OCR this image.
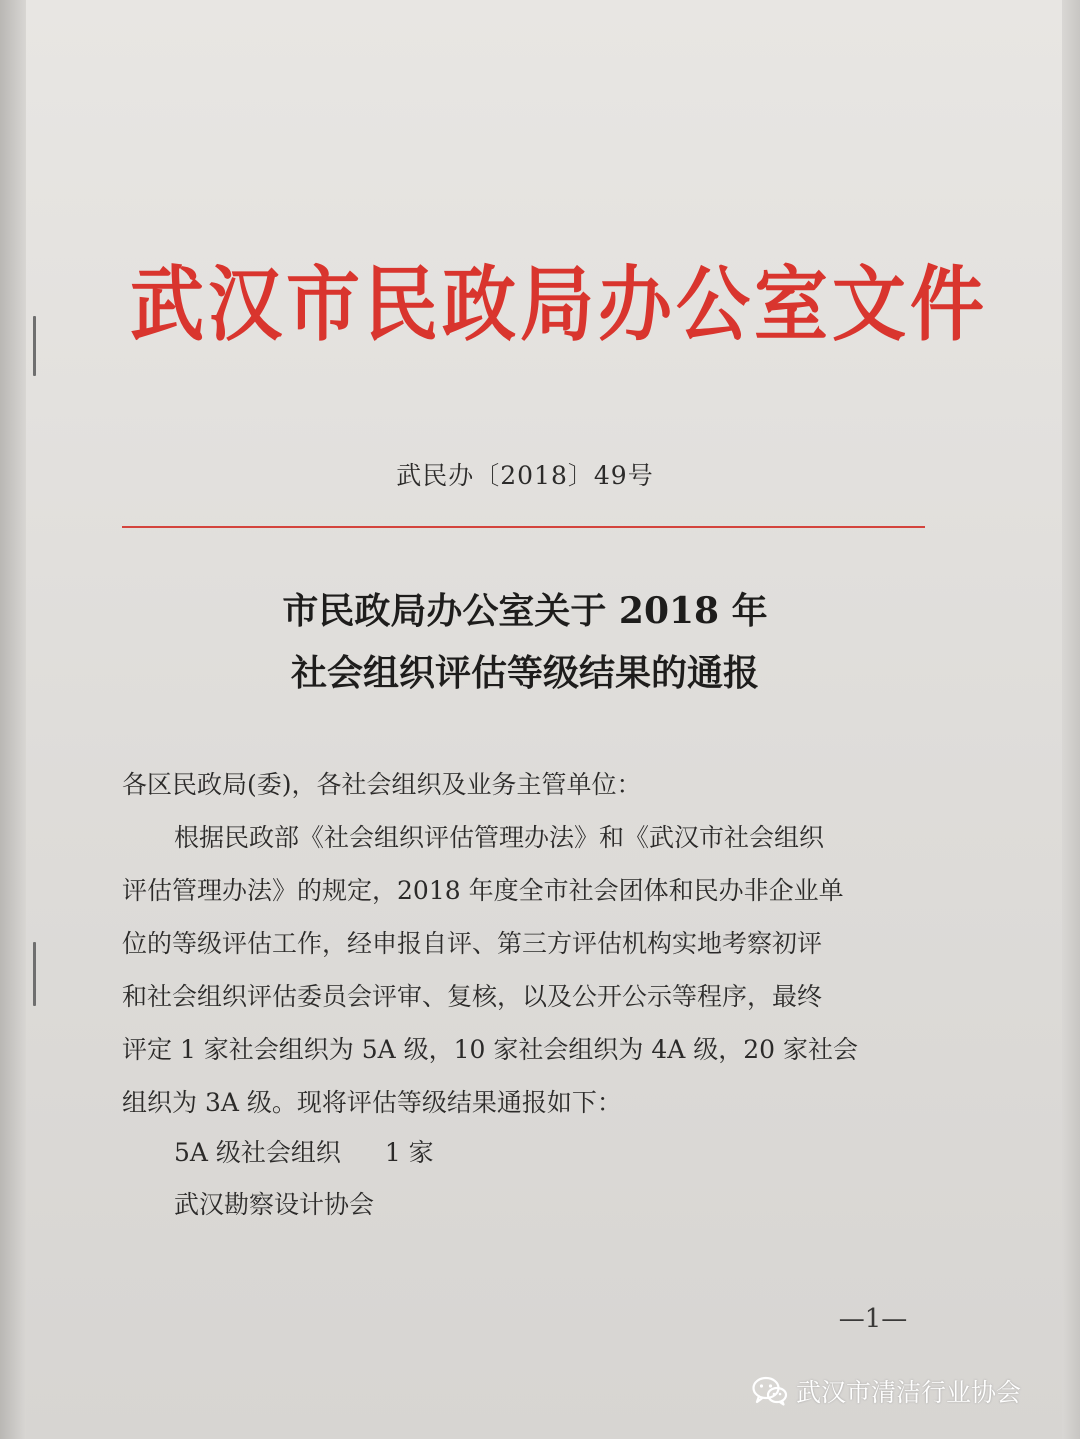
武汉市民政局办公室文件
武民办〔2018〕49号
市民政局办公室关于 2018 年
社会组织评估等级结果的通报
各区民政局(委)，各社会组织及业务主管单位：
根据民政部《社会组织评估管理办法》和《武汉市社会组织
评估管理办法》的规定，2018 年度全市社会团体和民办非企业单
位的等级评估工作，经申报自评、第三方评估机构实地考察初评
和社会组织评估委员会评审、复核，以及公开公示等程序，最终
评定 1 家社会组织为 5A 级，10 家社会组织为 4A 级，20 家社会
组织为 3A 级。现将评估等级结果通报如下：
5A 级社会组织 1 家
武汉勘察设计协会
—1—
武汉市清洁行业协会
